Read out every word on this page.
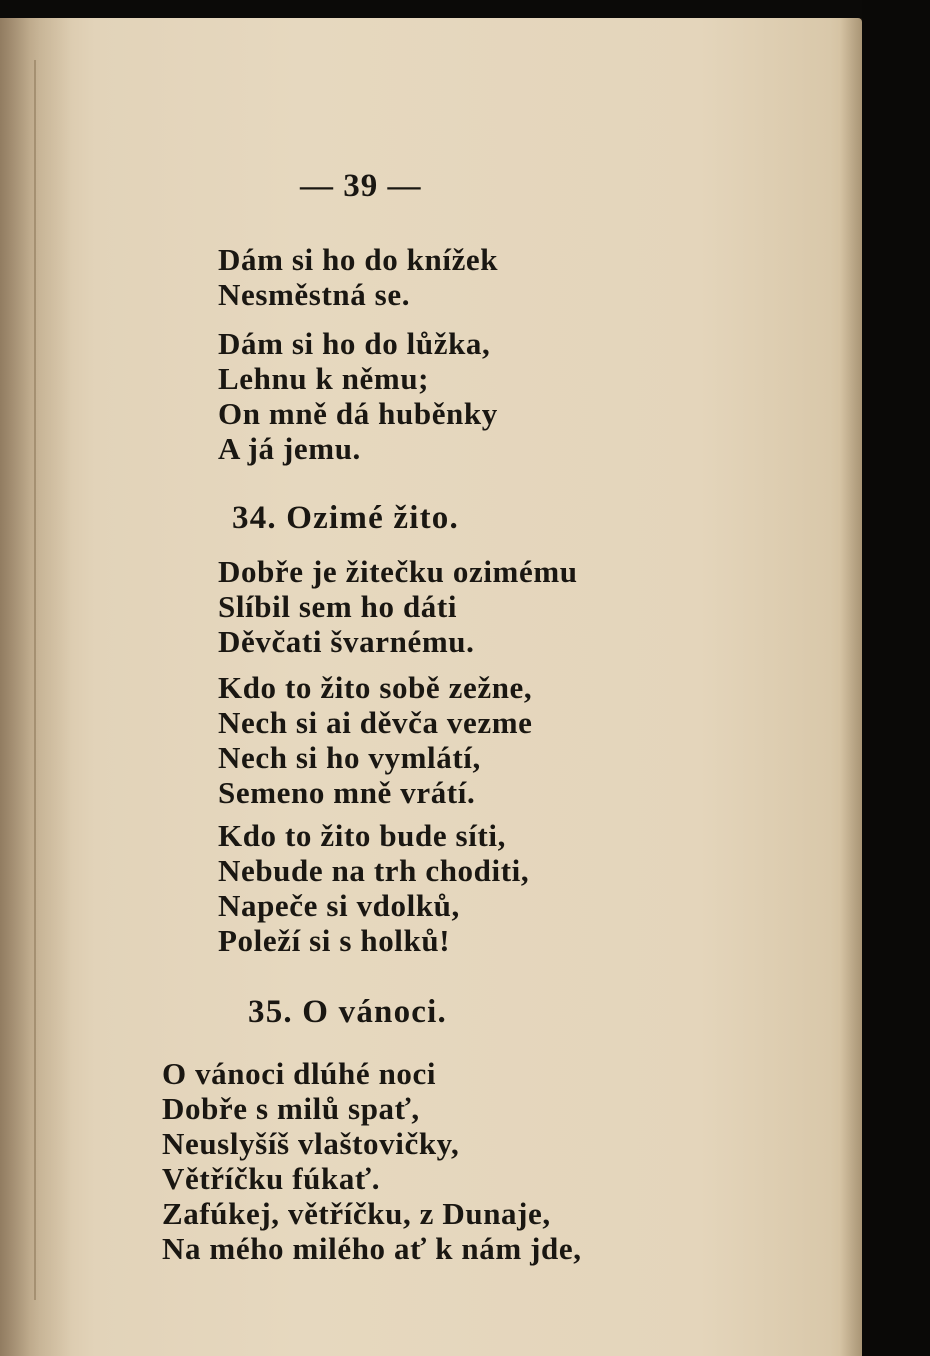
— 39 —
Dám si ho do knížek
Nesměstná se.
Dám si ho do lůžka,
Lehnu k němu;
On mně dá huběnky
A já jemu.
34. Ozimé žito.
Dobře je žitečku ozimému
Slíbil sem ho dáti
Děvčati švarnému.
Kdo to žito sobě zežne,
Nech si ai děvča vezme
Nech si ho vymlátí,
Semeno mně vrátí.
Kdo to žito bude síti,
Nebude na trh choditi,
Napeče si vdolků,
Poleží si s holků!
35. O vánoci.
O vánoci dlúhé noci
Dobře s milů spať,
Neuslyšíš vlaštovičky,
Větříčku fúkať.
Zafúkej, větříčku, z Dunaje,
Na mého milého ať k nám jde,
